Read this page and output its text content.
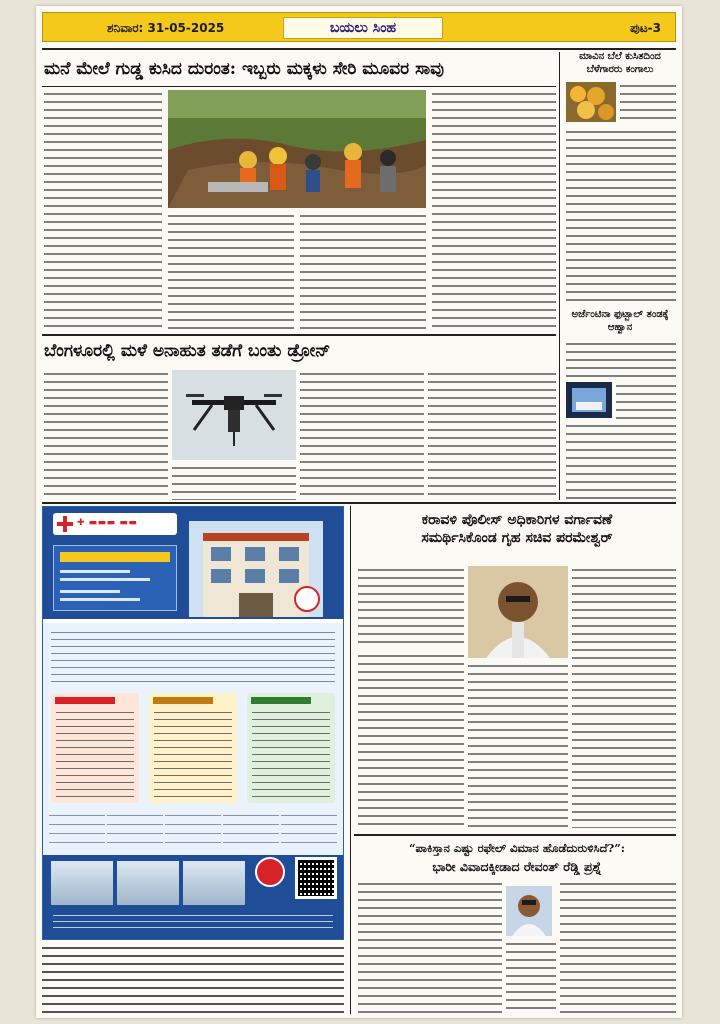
ಶನಿವಾರ: 31-05-2025	ಬಯಲು ಸಿಂಹ	ಪುಟ-3
ಮನೆ ಮೇಲೆ ಗುಡ್ಡ ಕುಸಿದ ದುರಂತ: ಇಬ್ಬರು ಮಕ್ಕಳು ಸೇರಿ ಮೂವರ ಸಾವು
ಮಾವಿನ ಬೆಲೆ ಕುಸಿತದಿಂದ ಬೆಳೆಗಾರರು ಕಂಗಾಲು
ಅರ್ಜೆಂಟಿನಾ ಫುಟ್ಬಾಲ್ ತಂಡಕ್ಕೆ ಆಹ್ವಾನ
ಬೆಂಗಳೂರಲ್ಲಿ ಮಳೆ ಅನಾಹುತ ತಡೆಗೆ ಬಂತು ಡ್ರೋನ್
✚ ▬▬▬ ▬▬	ಕರಾವಳಿ ಪೊಲೀಸ್ ಅಧಿಕಾರಿಗಳ ವರ್ಗಾವಣೆ
ಸಮರ್ಥಿಸಿಕೊಂಡ ಗೃಹ ಸಚಿವ ಪರಮೇಶ್ವರ್
“ಪಾಕಿಸ್ತಾನ ಎಷ್ಟು ರಫೇಲ್ ವಿಮಾನ ಹೊಡೆದುರುಳಿಸಿದೆ?”:
ಭಾರೀ ವಿವಾದಕ್ಕೀಡಾದ ರೇವಂತ್ ರೆಡ್ಡಿ ಪ್ರಶ್ನೆ
